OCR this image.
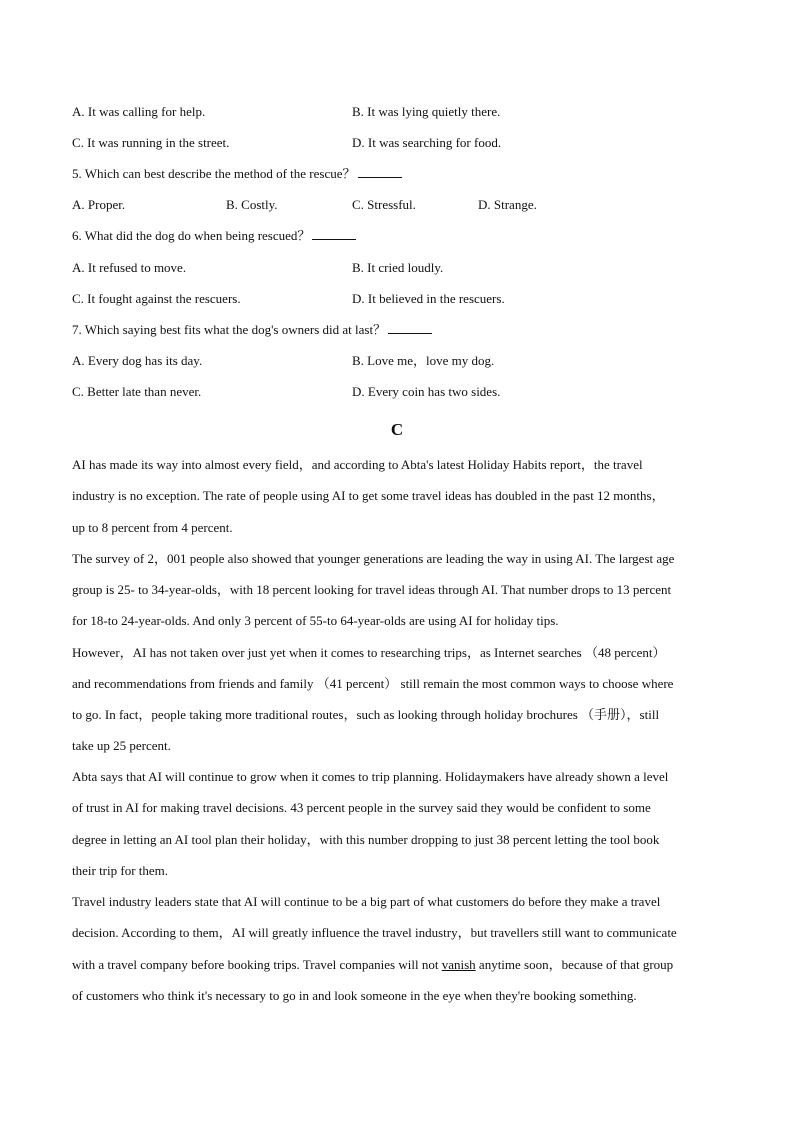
A. It was calling for help.	B. It was lying quietly there.
C. It was running in the street.	D. It was searching for food.
5. Which can best describe the method of the rescue？
A. Proper.	B. Costly.	C. Stressful.	D. Strange.
6. What did the dog do when being rescued？
A. It refused to move.	B. It cried loudly.
C. It fought against the rescuers.	D. It believed in the rescuers.
7. Which saying best fits what the dog's owners did at last？
A. Every dog has its day.	B. Love me，love my dog.
C. Better late than never.	D. Every coin has two sides.
C
AI has made its way into almost every field，and according to Abta's latest Holiday Habits report，the travel
industry is no exception. The rate of people using AI to get some travel ideas has doubled in the past 12 months，
up to 8 percent from 4 percent.
The survey of 2，001 people also showed that younger generations are leading the way in using AI. The largest age
group is 25- to 34-year-olds，with 18 percent looking for travel ideas through AI. That number drops to 13 percent
for 18-to 24-year-olds. And only 3 percent of 55-to 64-year-olds are using AI for holiday tips.
However，AI has not taken over just yet when it comes to researching trips，as Internet searches （48 percent）
and recommendations from friends and family （41 percent） still remain the most common ways to choose where
to go. In fact，people taking more traditional routes，such as looking through holiday brochures （手册），still
take up 25 percent.
Abta says that AI will continue to grow when it comes to trip planning. Holidaymakers have already shown a level
of trust in AI for making travel decisions. 43 percent people in the survey said they would be confident to some
degree in letting an AI tool plan their holiday，with this number dropping to just 38 percent letting the tool book
their trip for them.
Travel industry leaders state that AI will continue to be a big part of what customers do before they make a travel
decision. According to them，AI will greatly influence the travel industry，but travellers still want to communicate
with a travel company before booking trips. Travel companies will not vanish anytime soon，because of that group
of customers who think it's necessary to go in and look someone in the eye when they're booking something.
